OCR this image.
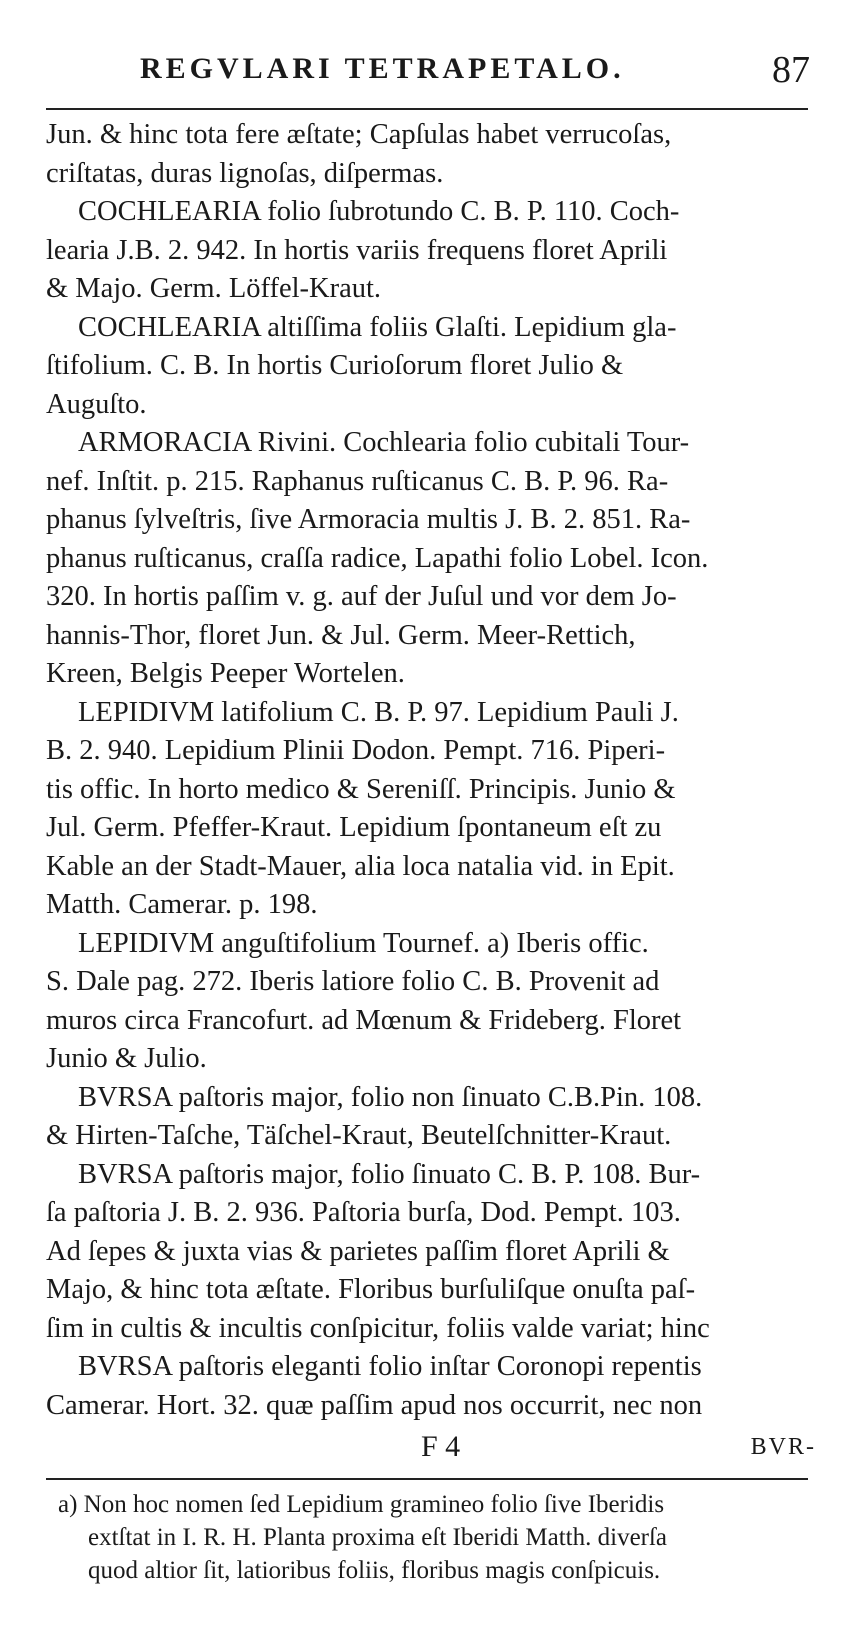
REGVLARI TETRAPETALO.	87
Jun. & hinc tota fere æſtate; Capſulas habet verrucoſas,
criſtatas, duras lignoſas, diſpermas.
COCHLEARIA folio ſubrotundo C. B. P. 110. Coch-
learia J.B. 2. 942. In hortis variis frequens floret Aprili
& Majo. Germ. Löffel-Kraut.
COCHLEARIA altiſſima foliis Glaſti. Lepidium gla-
ſtifolium. C. B. In hortis Curioſorum floret Julio &
Auguſto.
ARMORACIA Rivini. Cochlearia folio cubitali Tour-
nef. Inſtit. p. 215. Raphanus ruſticanus C. B. P. 96. Ra-
phanus ſylveſtris, ſive Armoracia multis J. B. 2. 851. Ra-
phanus ruſticanus, craſſa radice, Lapathi folio Lobel. Icon.
320. In hortis paſſim v. g. auf der Juſul und vor dem Jo-
hannis-Thor, floret Jun. & Jul. Germ. Meer-Rettich,
Kreen, Belgis Peeper Wortelen.
LEPIDIVM latifolium C. B. P. 97. Lepidium Pauli J.
B. 2. 940. Lepidium Plinii Dodon. Pempt. 716. Piperi-
tis offic. In horto medico & Sereniſſ. Principis. Junio &
Jul. Germ. Pfeffer-Kraut. Lepidium ſpontaneum eſt zu
Kable an der Stadt-Mauer, alia loca natalia vid. in Epit.
Matth. Camerar. p. 198.
LEPIDIVM anguſtifolium Tournef. a) Iberis offic.
S. Dale pag. 272. Iberis latiore folio C. B. Provenit ad
muros circa Francofurt. ad Mœnum & Frideberg. Floret
Junio & Julio.
BVRSA paſtoris major, folio non ſinuato C.B.Pin. 108.
& Hirten-Taſche, Täſchel-Kraut, Beutelſchnitter-Kraut.
BVRSA paſtoris major, folio ſinuato C. B. P. 108. Bur-
ſa paſtoria J. B. 2. 936. Paſtoria burſa, Dod. Pempt. 103.
Ad ſepes & juxta vias & parietes paſſim floret Aprili &
Majo, & hinc tota æſtate. Floribus burſuliſque onuſta paſ-
ſim in cultis & incultis conſpicitur, foliis valde variat; hinc
BVRSA paſtoris eleganti folio inſtar Coronopi repentis
Camerar. Hort. 32. quæ paſſim apud nos occurrit, nec non
F 4	BVR-
a) Non hoc nomen ſed Lepidium gramineo folio ſive Iberidis
extſtat in I. R. H. Planta proxima eſt Iberidi Matth. diverſa
quod altior ſit, latioribus foliis, floribus magis conſpicuis.
